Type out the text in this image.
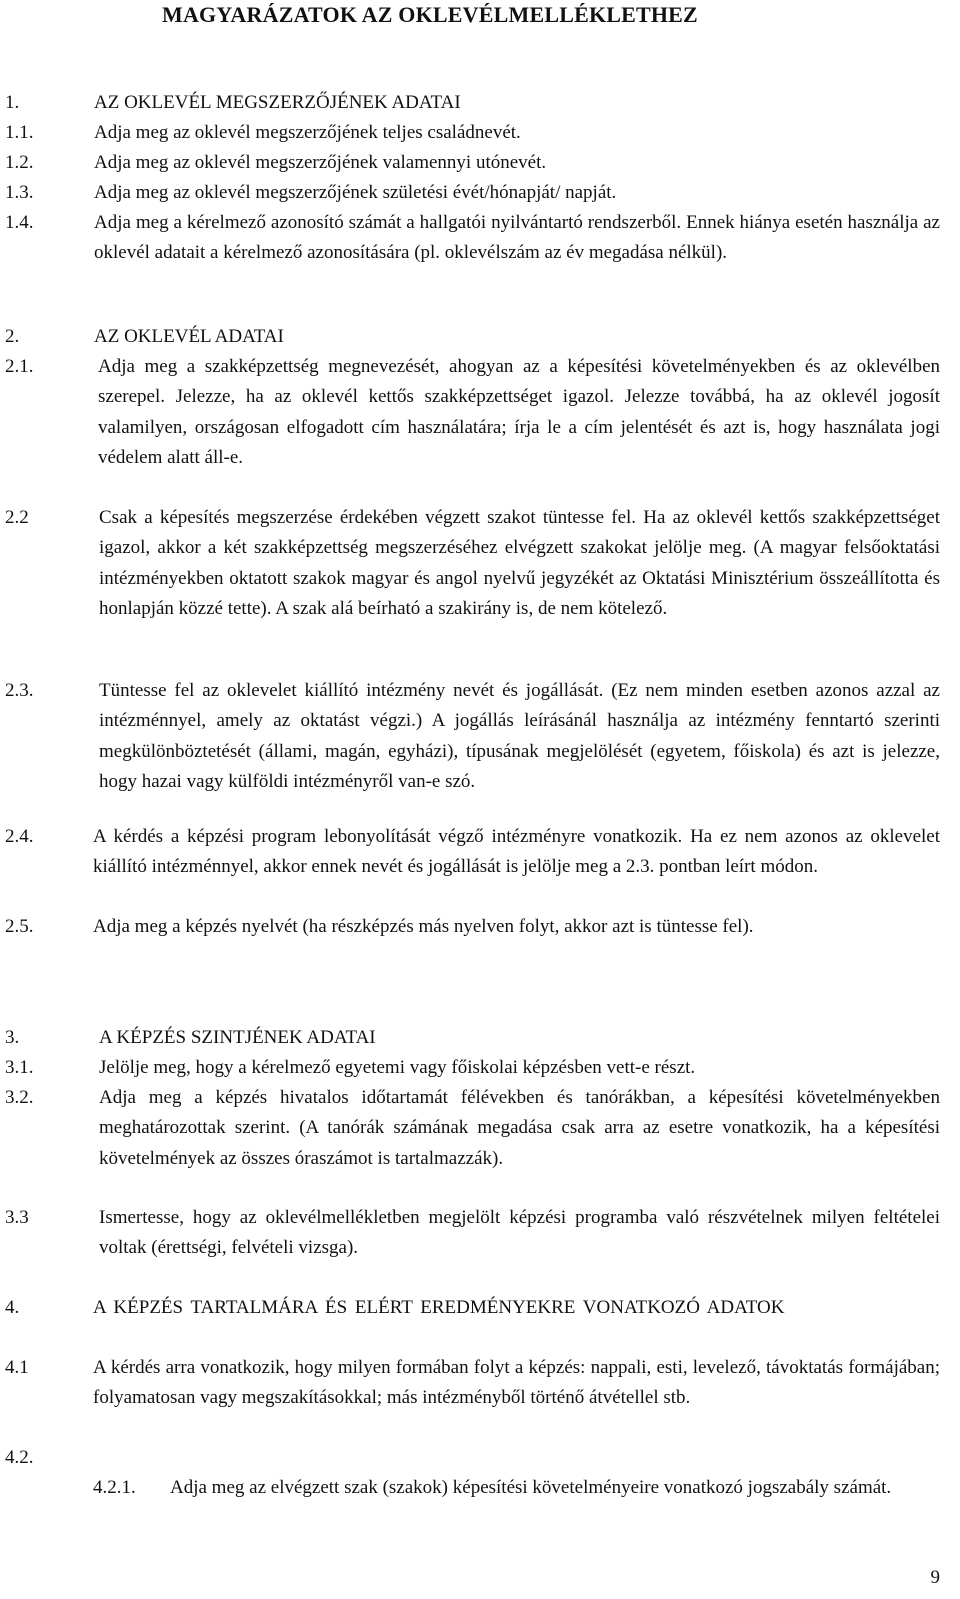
MAGYARÁZATOK AZ OKLEVÉLMELLÉKLETHEZ
1.	AZ OKLEVÉL MEGSZERZŐJÉNEK ADATAI
1.1.	Adja meg az oklevél megszerzőjének teljes családnevét.
1.2.	Adja meg az oklevél megszerzőjének valamennyi utónevét.
1.3.	Adja meg az oklevél megszerzőjének születési évét/hónapját/ napját.
1.4.	Adja meg a kérelmező azonosító számát a hallgatói nyilvántartó rendszerből. Ennek hiánya esetén használja az oklevél adatait a kérelmező azonosítására (pl. oklevélszám az év megadása nélkül).
2.	AZ OKLEVÉL ADATAI
2.1.	Adja meg a szakképzettség megnevezését, ahogyan az a képesítési követelményekben és az oklevélben szerepel. Jelezze, ha az oklevél kettős szakképzettséget igazol. Jelezze továbbá, ha az oklevél jogosít valamilyen, országosan elfogadott cím használatára; írja le a cím jelentését és azt is, hogy használata jogi védelem alatt áll-e.
2.2	Csak a képesítés megszerzése érdekében végzett szakot tüntesse fel. Ha az oklevél kettős szakképzettséget igazol, akkor a két szakképzettség megszerzéséhez elvégzett szakokat jelölje meg. (A magyar felsőoktatási intézményekben oktatott szakok magyar és angol nyelvű jegyzékét az Oktatási Minisztérium összeállította és honlapján közzé tette). A szak alá beírható a szakirány is, de nem kötelező.
2.3.	Tüntesse fel az oklevelet kiállító intézmény nevét és jogállását. (Ez nem minden esetben azonos azzal az intézménnyel, amely az oktatást végzi.) A jogállás leírásánál használja az intézmény fenntartó szerinti megkülönböztetését (állami, magán, egyházi), típusának megjelölését (egyetem, főiskola) és azt is jelezze, hogy hazai vagy külföldi intézményről van-e szó.
2.4.	A kérdés a képzési program lebonyolítását végző intézményre vonatkozik. Ha ez nem azonos az oklevelet kiállító intézménnyel, akkor ennek nevét és jogállását is jelölje meg a 2.3. pontban leírt módon.
2.5.	Adja meg a képzés nyelvét (ha részképzés más nyelven folyt, akkor azt is tüntesse fel).
3.	A KÉPZÉS SZINTJÉNEK ADATAI
3.1.	Jelölje meg, hogy a kérelmező egyetemi vagy főiskolai képzésben vett-e részt.
3.2.	Adja meg a képzés hivatalos időtartamát félévekben és tanórákban, a képesítési követelményekben meghatározottak szerint. (A tanórák számának megadása csak arra az esetre vonatkozik, ha a képesítési követelmények az összes óraszámot is tartalmazzák).
3.3	Ismertesse, hogy az oklevélmellékletben megjelölt képzési programba való részvételnek milyen feltételei voltak (érettségi, felvételi vizsga).
4.	A KÉPZÉS TARTALMÁRA ÉS ELÉRT EREDMÉNYEKRE VONATKOZÓ ADATOK
4.1	A kérdés arra vonatkozik, hogy milyen formában folyt a képzés: nappali, esti, levelező, távoktatás formájában; folyamatosan vagy megszakításokkal; más intézményből történő átvétellel stb.
4.2.
4.2.1. Adja meg az elvégzett szak (szakok) képesítési követelményeire vonatkozó jogszabály számát.
9
